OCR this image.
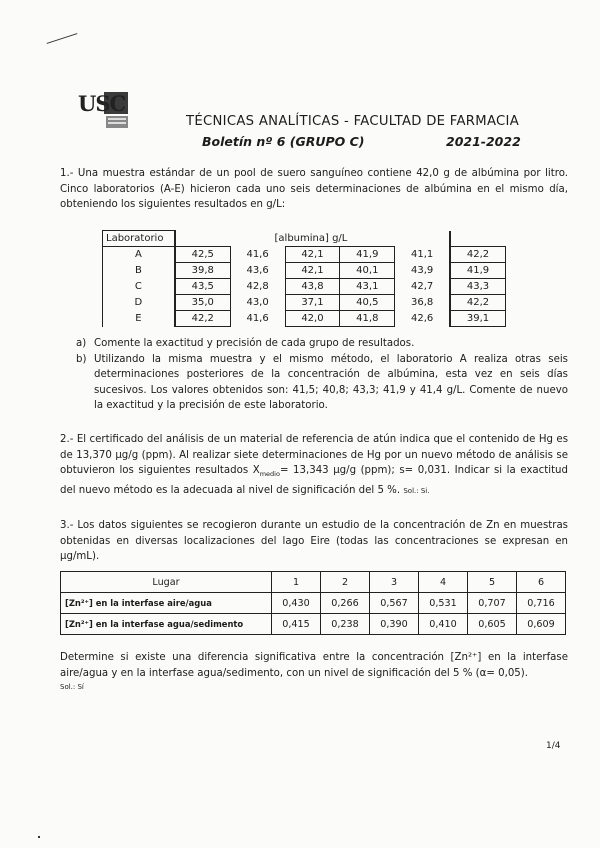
USC
TÉCNICAS ANALÍTICAS - FACULTAD DE FARMACIA
Boletín nº 6 (GRUPO C)	2021-2022
1.- Una muestra estándar de un pool de suero sanguíneo contiene 42,0 g de albúmina por litro. Cinco laboratorios (A-E) hicieron cada uno seis determinaciones de albúmina en el mismo día, obteniendo los siguientes resultados en g/L:
Laboratorio	[albumina] g/L					
A	42,5	41,6	42,1	41,9	41,1	42,2
B	39,8	43,6	42,1	40,1	43,9	41,9
C	43,5	42,8	43,8	43,1	42,7	43,3
D	35,0	43,0	37,1	40,5	36,8	42,2
E	42,2	41,6	42,0	41,8	42,6	39,1
a) Comente la exactitud y precisión de cada grupo de resultados.
b) Utilizando la misma muestra y el mismo método, el laboratorio A realiza otras seis determinaciones posteriores de la concentración de albúmina, esta vez en seis días sucesivos. Los valores obtenidos son: 41,5; 40,8; 43,3; 41,9 y 41,4 g/L. Comente de nuevo la exactitud y la precisión de este laboratorio.
2.- El certificado del análisis de un material de referencia de atún indica que el contenido de Hg es de 13,370 µg/g (ppm). Al realizar siete determinaciones de Hg por un nuevo método de análisis se obtuvieron los siguientes resultados $X_{medio}= 13,343$ µg/g (ppm); s= 0,031. Indicar si la exactitud del nuevo método es la adecuada al nivel de significación del 5 %. Sol.: Si.
3.- Los datos siguientes se recogieron durante un estudio de la concentración de Zn en muestras obtenidas en diversas localizaciones del lago Eire (todas las concentraciones se expresan en µg/mL).
Lugar	1	2	3	4	5	6
[Zn²⁺] en la interfase aire/agua	0,430	0,266	0,567	0,531	0,707	0,716
[Zn²⁺] en la interfase agua/sedimento	0,415	0,238	0,390	0,410	0,605	0,609
Determine si existe una diferencia significativa entre la concentración [Zn²⁺] en la interfase aire/agua y en la interfase agua/sedimento, con un nivel de significación del 5 % (α= 0,05).
Sol.: Sí
1/4
